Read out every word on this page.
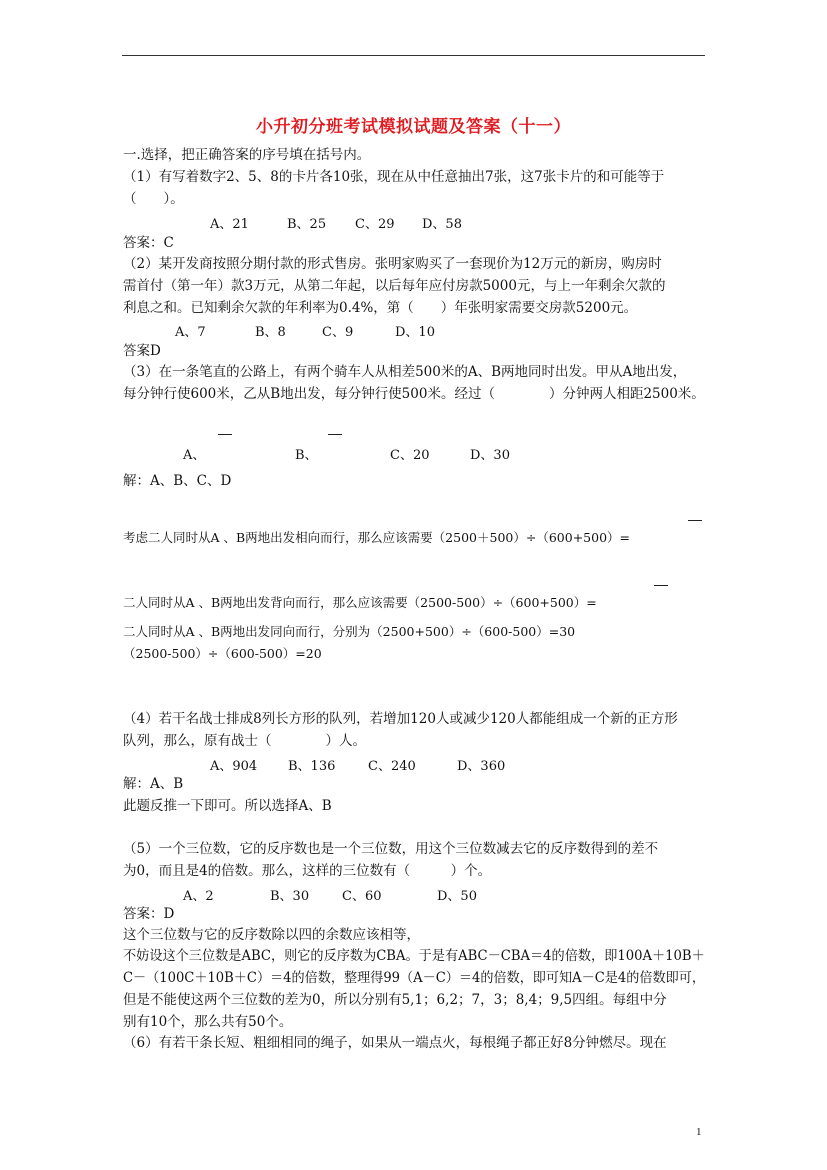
小升初分班考试模拟试题及答案（十一）
一.选择，把正确答案的序号填在括号内。
（1）有写着数字2、5、8的卡片各10张，现在从中任意抽出7张，这7张卡片的和可能等于
（　　）。
A、21	B、25 C、29 D、58
答案：C
（2）某开发商按照分期付款的形式售房。张明家购买了一套现价为12万元的新房，购房时
需首付（第一年）款3万元，从第二年起，以后每年应付房款5000元，与上一年剩余欠款的
利息之和。已知剩余欠款的年利率为0.4%，第（　　）年张明家需要交房款5200元。
A、7	B、8	C、9	D、10
答案D
（3）在一条笔直的公路上，有两个骑车人从相差500米的A、B两地同时出发。甲从A地出发，
每分钟行使600米，乙从B地出发，每分钟行使500米。经过（　　　　）分钟两人相距2500米。
A、	B、	C、20	D、30
解：A、B、C、D
考虑二人同时从A 、B两地出发相向而行，那么应该需要（2500＋500）÷（600+500）=
二人同时从A 、B两地出发背向而行，那么应该需要（2500-500）÷（600+500）=
二人同时从A 、B两地出发同向而行，分别为（2500+500）÷（600-500）=30
（2500-500）÷（600-500）=20
（4）若干名战士排成8列长方形的队列，若增加120人或减少120人都能组成一个新的正方形
队列，那么，原有战士（　　　　）人。
A、904 B、136	C、240	D、360
解：A、B
此题反推一下即可。所以选择A、B
（5）一个三位数，它的反序数也是一个三位数，用这个三位数减去它的反序数得到的差不
为0，而且是4的倍数。那么，这样的三位数有（　　　）个。
A、2	B、30	C、60	D、50
答案：D
这个三位数与它的反序数除以四的余数应该相等，
不妨设这个三位数是ABC，则它的反序数为CBA。于是有ABC－CBA＝4的倍数，即100A＋10B＋
C－（100C＋10B＋C）＝4的倍数，整理得99（A－C）＝4的倍数，即可知A－C是4的倍数即可，
但是不能使这两个三位数的差为0，所以分别有5,1；6,2；7，3；8,4；9,5四组。每组中分
别有10个，那么共有50个。
（6）有若干条长短、粗细相同的绳子，如果从一端点火，每根绳子都正好8分钟燃尽。现在
1
